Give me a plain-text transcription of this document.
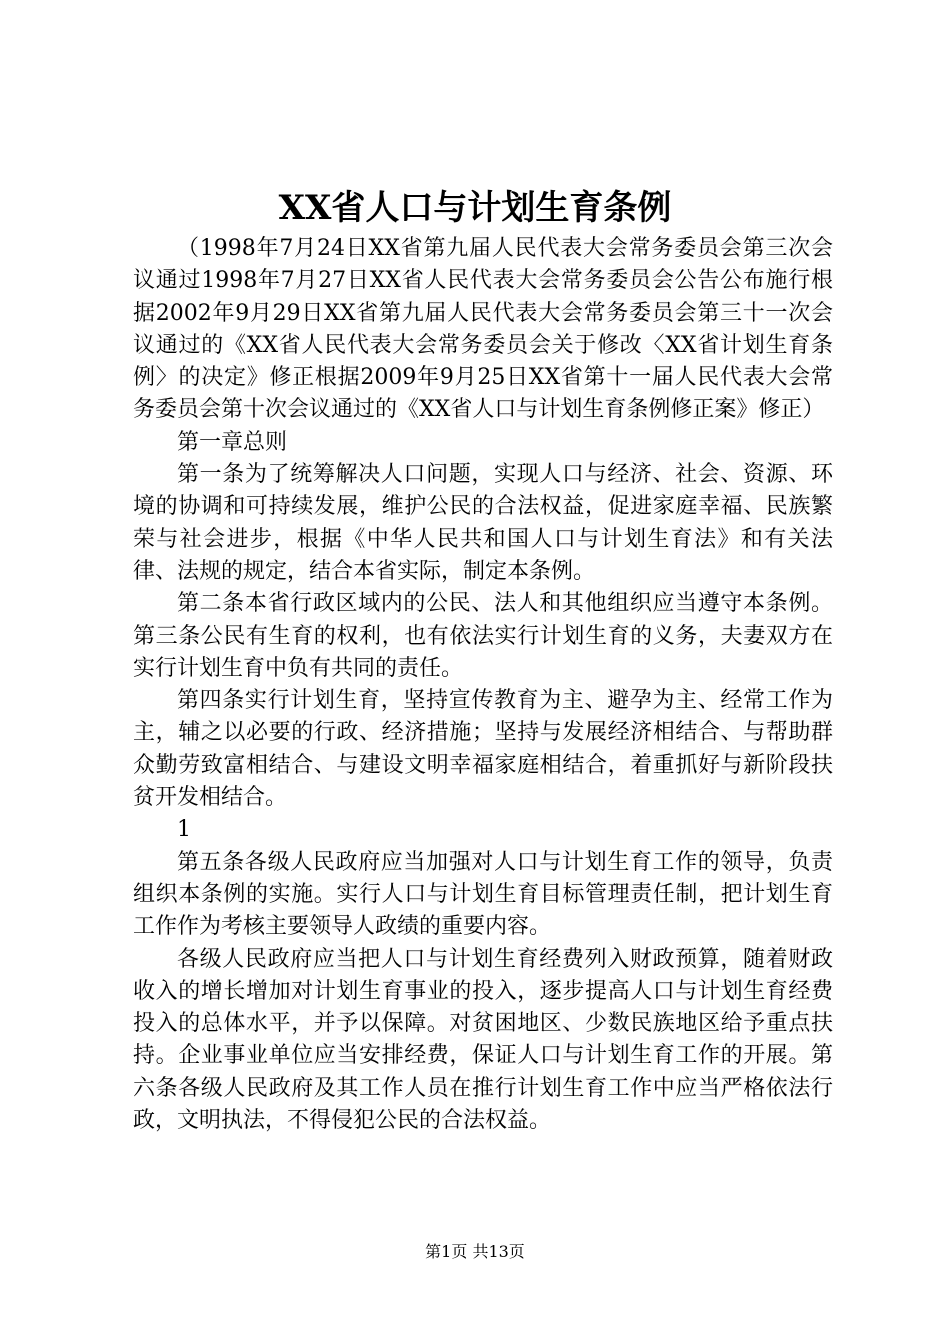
XX省人口与计划生育条例

（1998年7月24日XX省第九届人民代表大会常务委员会第三次会议通过1998年7月27日XX省人民代表大会常务委员会公告公布施行根据2002年9月29日XX省第九届人民代表大会常务委员会第三十一次会议通过的《XX省人民代表大会常务委员会关于修改〈XX省计划生育条例〉的决定》修正根据2009年9月25日XX省第十一届人民代表大会常务委员会第十次会议通过的《XX省人口与计划生育条例修正案》修正）

第一章总则

第一条为了统筹解决人口问题，实现人口与经济、社会、资源、环境的协调和可持续发展，维护公民的合法权益，促进家庭幸福、民族繁荣与社会进步，根据《中华人民共和国人口与计划生育法》和有关法律、法规的规定，结合本省实际，制定本条例。

第二条本省行政区域内的公民、法人和其他组织应当遵守本条例。第三条公民有生育的权利，也有依法实行计划生育的义务，夫妻双方在实行计划生育中负有共同的责任。

第四条实行计划生育，坚持宣传教育为主、避孕为主、经常工作为主，辅之以必要的行政、经济措施；坚持与发展经济相结合、与帮助群众勤劳致富相结合、与建设文明幸福家庭相结合，着重抓好与新阶段扶贫开发相结合。

1

第五条各级人民政府应当加强对人口与计划生育工作的领导，负责组织本条例的实施。实行人口与计划生育目标管理责任制，把计划生育工作作为考核主要领导人政绩的重要内容。

各级人民政府应当把人口与计划生育经费列入财政预算，随着财政收入的增长增加对计划生育事业的投入，逐步提高人口与计划生育经费投入的总体水平，并予以保障。对贫困地区、少数民族地区给予重点扶持。企业事业单位应当安排经费，保证人口与计划生育工作的开展。第六条各级人民政府及其工作人员在推行计划生育工作中应当严格依法行政，文明执法，不得侵犯公民的合法权益。

第1页 共13页
